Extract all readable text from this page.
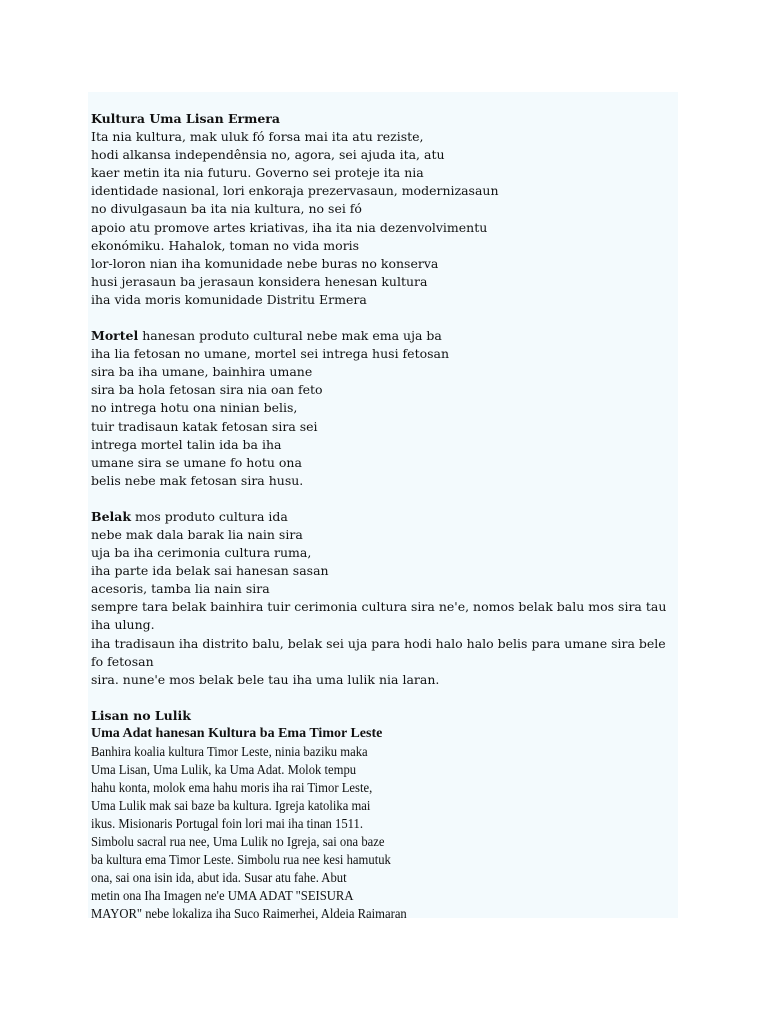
Kultura Uma Lisan Ermera
Ita nia kultura, mak uluk fó forsa mai ita atu reziste,
hodi alkansa independênsia no, agora, sei ajuda ita, atu
kaer metin ita nia futuru. Governo sei proteje ita nia
identidade nasional, lori enkoraja prezervasaun, modernizasaun
no divulgasaun ba ita nia kultura, no sei fó
apoio atu promove artes kriativas, iha ita nia dezenvolvimentu
ekonómiku. Hahalok, toman no vida moris
lor-loron nian iha komunidade nebe buras no konserva
husi jerasaun ba jerasaun konsidera henesan kultura
iha vida moris komunidade Distritu Ermera
Mortel hanesan produto cultural nebe mak ema uja ba
iha lia fetosan no umane, mortel sei intrega husi fetosan
sira ba iha umane, bainhira umane
sira ba hola fetosan sira nia oan feto
no intrega hotu ona ninian belis,
tuir tradisaun katak fetosan sira sei
intrega mortel talin ida ba iha
umane sira se umane fo hotu ona
belis nebe mak fetosan sira husu.
Belak mos produto cultura ida
nebe mak dala barak lia nain sira
uja ba iha cerimonia cultura ruma,
iha parte ida belak sai hanesan sasan
acesoris, tamba lia nain sira
sempre tara belak bainhira tuir cerimonia cultura sira ne'e, nomos belak balu mos sira tau iha ulung.
iha tradisaun iha distrito balu, belak sei uja para hodi halo halo belis para umane sira bele fo fetosan
sira. nune'e mos belak bele tau iha uma lulik nia laran.
Lisan no Lulik
Uma Adat hanesan Kultura ba Ema Timor Leste
Banhira koalia kultura Timor Leste, ninia baziku maka
Uma Lisan, Uma Lulik, ka Uma Adat. Molok tempu
hahu konta, molok ema hahu moris iha rai Timor Leste,
Uma Lulik mak sai baze ba kultura. Igreja katolika mai
ikus. Misionaris Portugal foin lori mai iha tinan 1511.
Simbolu sacral rua nee, Uma Lulik no Igreja, sai ona baze
ba kultura ema Timor Leste. Simbolu rua nee kesi hamutuk
ona, sai ona isin ida, abut ida. Susar atu fahe. Abut
metin ona Iha Imagen ne'e UMA ADAT "SEISURA
MAYOR" nebe lokaliza iha Suco Raimerhei, Aldeia Raimaran
